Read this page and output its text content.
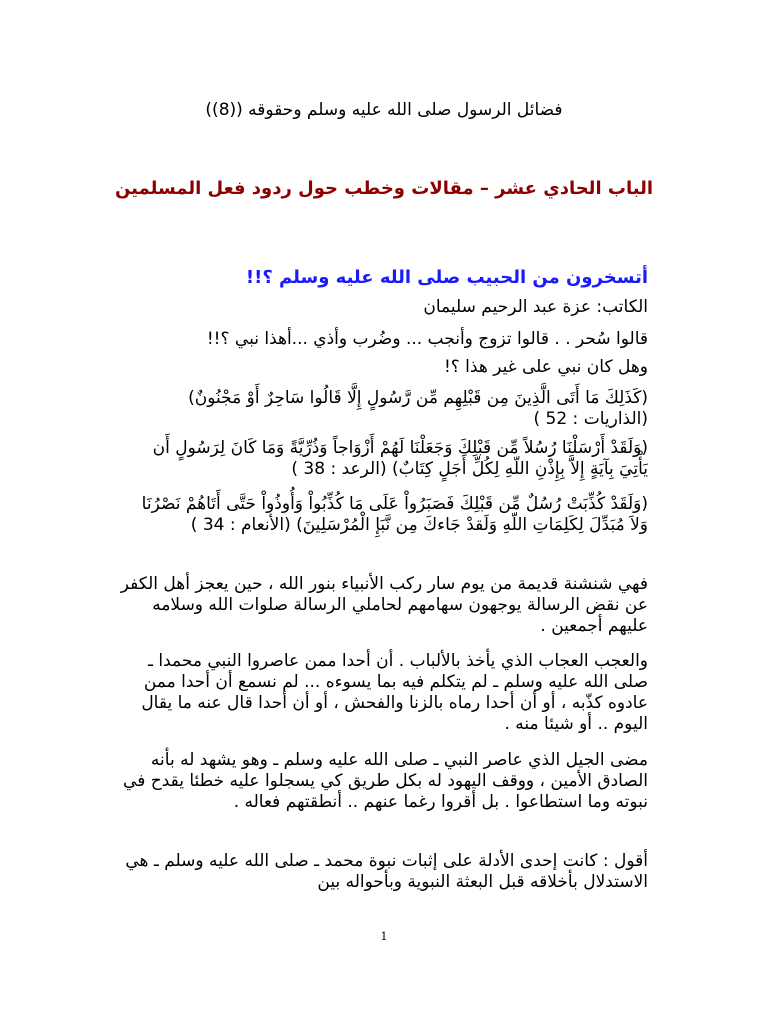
فضائل الرسول صلى الله عليه وسلم وحقوقه ((8))
الباب الحادي عشر – مقالات وخطب حول ردود فعل المسلمين
أتسخرون من الحبيب صلى الله عليه وسلم ؟!!

الكاتب: عزة عبد الرحيم سليمان

قالوا سُحر . . قالوا تزوج وأنجب ... وضُرب وأذي ...أهذا نبي ؟!!

وهل كان نبي على غير هذا ؟!

(كَذَلِكَ مَا أَتَى الَّذِينَ مِن قَبْلِهِم مِّن رَّسُولٍ إِلَّا قَالُوا سَاحِرٌ أَوْ مَجْنُونٌ) (الذاريات : 52 )

(وَلَقَدْ أَرْسَلْنَا رُسُلاً مِّن قَبْلِكَ وَجَعَلْنَا لَهُمْ أَزْوَاجاً وَذُرِّيَّةً وَمَا كَانَ لِرَسُولٍ أَن يَأْتِيَ بِآيَةٍ إِلاَّ بِإِذْنِ اللّهِ لِكُلِّ أَجَلٍ كِتَابٌ) (الرعد : 38 )

(وَلَقَدْ كُذِّبَتْ رُسُلٌ مِّن قَبْلِكَ فَصَبَرُواْ عَلَى مَا كُذِّبُواْ وَأُوذُواْ حَتَّى أَتَاهُمْ نَصْرُنَا وَلاَ مُبَدِّلَ لِكَلِمَاتِ اللّهِ وَلَقدْ جَاءكَ مِن نَّبَإِ الْمُرْسَلِينَ) (الأنعام : 34 )

فهي شنشنة قديمة من يوم سار ركب الأنبياء بنور الله ، حين يعجز أهل الكفر عن نقض الرسالة يوجهون سهامهم لحاملي الرسالة صلوات الله وسلامه عليهم أجمعين .

والعجب العجاب الذي يأخذ بالألباب . أن أحدا ممن عاصروا النبي محمدا ـ صلى الله عليه وسلم ـ لم يتكلم فيه بما يسوءه ... لم نسمع أن أحدا ممن عادوه كذّبه ، أو أن أحدا رماه بالزنا والفحش ، أو أن أحدا قال عنه ما يقال اليوم .. أو شيئا منه .

مضى الجيل الذي عاصر النبي ـ صلى الله عليه وسلم ـ وهو يشهد له بأنه الصادق الأمين ، ووقف اليهود له بكل طريق كي يسجلوا عليه خطئا يقدح في نبوته وما استطاعوا . بل أقروا رغما عنهم .. أنطقتهم فعاله .

أقول : كانت إحدى الأدلة على إثبات نبوة محمد ـ صلى الله عليه وسلم ـ هي الاستدلال بأخلاقه قبل البعثة النبوية وبأحواله بين

1
